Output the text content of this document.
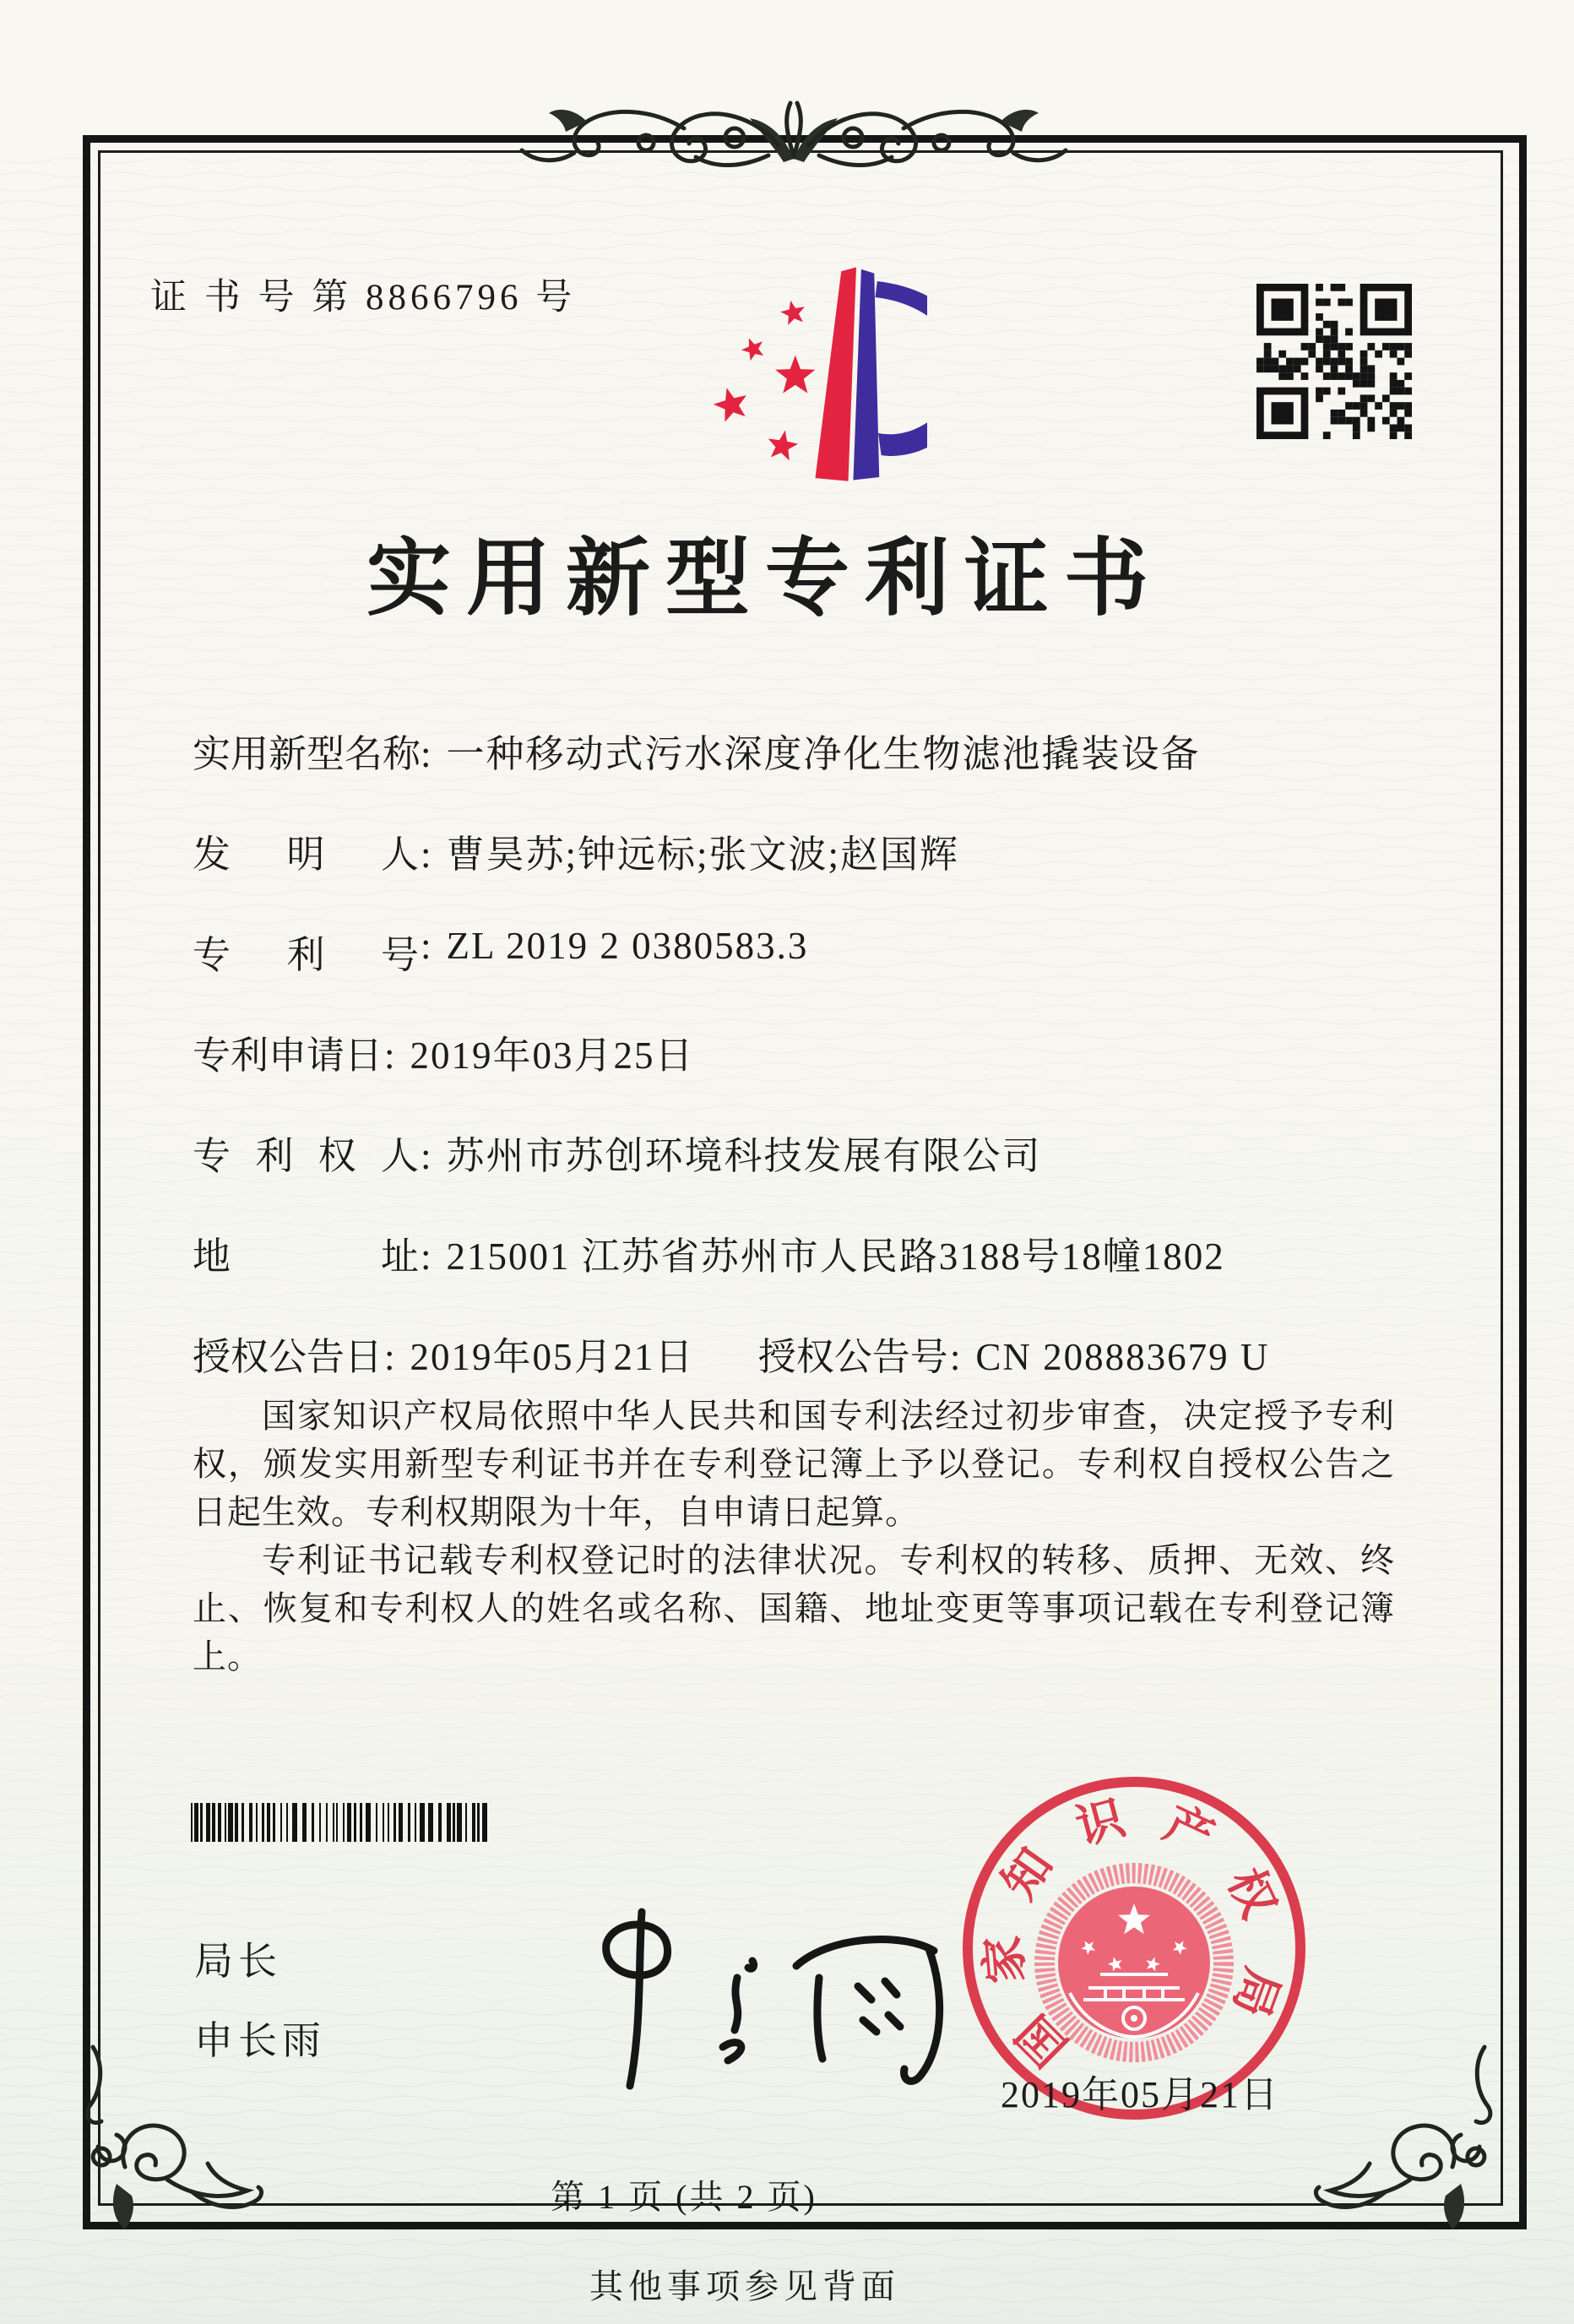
证 书 号 第 8866796 号
实用新型专利证书
实用新型名称: 一种移动式污水深度净化生物滤池撬装设备
发明人: 曹昊苏;钟远标;张文波;赵国辉
专利号: ZL 2019 2 0380583.3
专利申请日: 2019年03月25日
专利权人: 苏州市苏创环境科技发展有限公司
地址: 215001 江苏省苏州市人民路3188号18幢1802
授权公告日: 2019年05月21日 授权公告号: CN 208883679 U

国家知识产权局依照中华人民共和国专利法经过初步审查，决定授予专利权，颁发实用新型专利证书并在专利登记簿上予以登记。专利权自授权公告之日起生效。专利权期限为十年，自申请日起算。

专利证书记载专利权登记时的法律状况。专利权的转移、质押、无效、终止、恢复和专利权人的姓名或名称、国籍、地址变更等事项记载在专利登记簿上。

局长
申长雨	国
家
知
识 产
权
局
2019年05月21日
第 1 页 (共 2 页)
其他事项参见背面
